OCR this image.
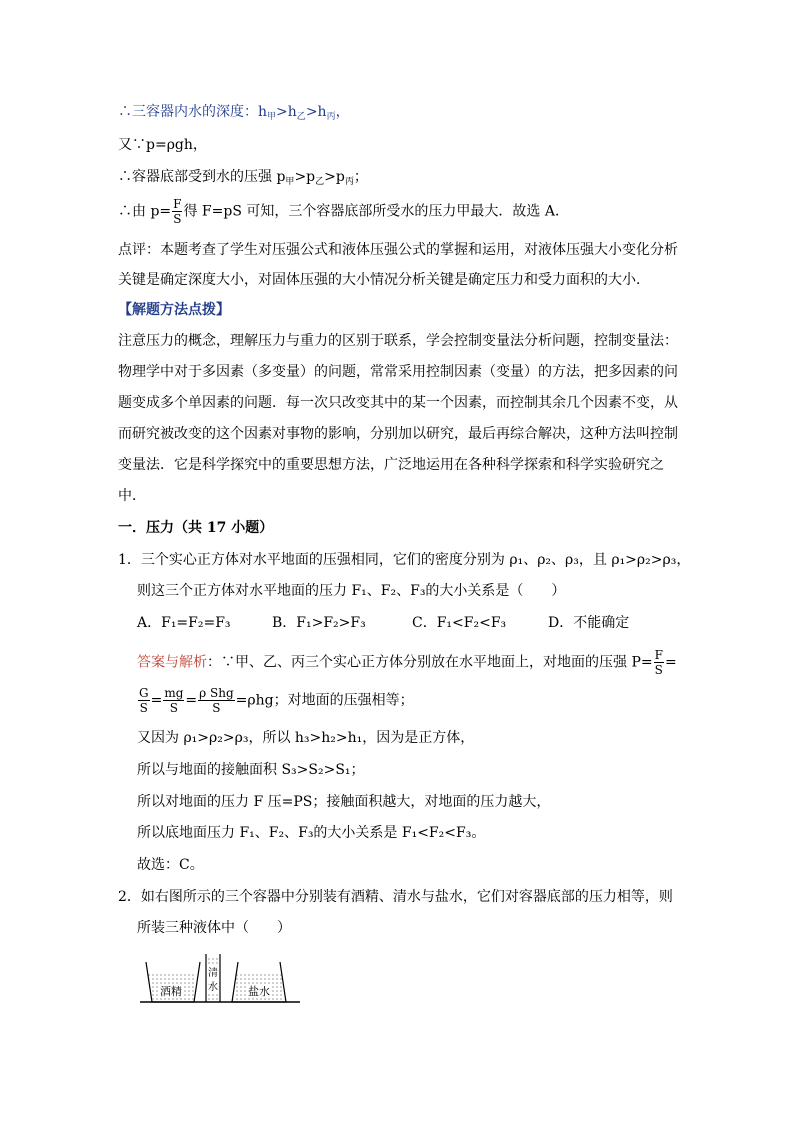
∴三容器内水的深度：$h_甲>h_乙>h_丙$，
又∵p=ρgh，
∴容器底部受到水的压强 $p_甲>p_乙>p_丙$；
∴由 $p= \frac{F}{S}$ 得 F=pS 可知，三个容器底部所受水的压力甲最大．故选 A．
点评：本题考查了学生对压强公式和液体压强公式的掌握和运用，对液体压强大小变化分析
关键是确定深度大小，对固体压强的大小情况分析关键是确定压力和受力面积的大小．
【解题方法点拨】
注意压力的概念，理解压力与重力的区别于联系，学会控制变量法分析问题，控制变量法：
物理学中对于多因素（多变量）的问题，常常采用控制因素（变量）的方法，把多因素的问
题变成多个单因素的问题．每一次只改变其中的某一个因素，而控制其余几个因素不变，从
而研究被改变的这个因素对事物的影响，分别加以研究，最后再综合解决，这种方法叫控制
变量法．它是科学探究中的重要思想方法，广泛地运用在各种科学探索和科学实验研究之
中．
一．压力（共 17 小题）
1．三个实心正方体对水平地面的压强相同，它们的密度分别为 ρ₁、ρ₂、ρ₃，且 ρ₁>ρ₂>ρ₃，
则这三个正方体对水平地面的压力 F₁、F₂、F₃的大小关系是（　　）
A．F₁=F₂=F₃	B．F₁>F₂>F₃	C．F₁<F₂<F₃	D．不能确定
答案与解析：∵甲、乙、丙三个实心正方体分别放在水平地面上，对地面的压强 $P= \frac{F}{S}$ =
$\frac{G}{S} = \frac{mg}{S} = \frac{\text{ρ Shg}}{S} =\rho hg$；对地面的压强相等；
又因为 ρ₁>ρ₂>ρ₃，所以 h₃>h₂>h₁，因为是正方体，
所以与地面的接触面积 S₃>S₂>S₁；
所以对地面的压力 F 压=PS；接触面积越大，对地面的压力越大，
所以底地面压力 F₁、F₂、F₃的大小关系是 F₁<F₂<F₃。
故选：C。
2．如右图所示的三个容器中分别装有酒精、清水与盐水，它们对容器底部的压力相等，则
所装三种液体中（　　）
酒精
清
水	盐水
